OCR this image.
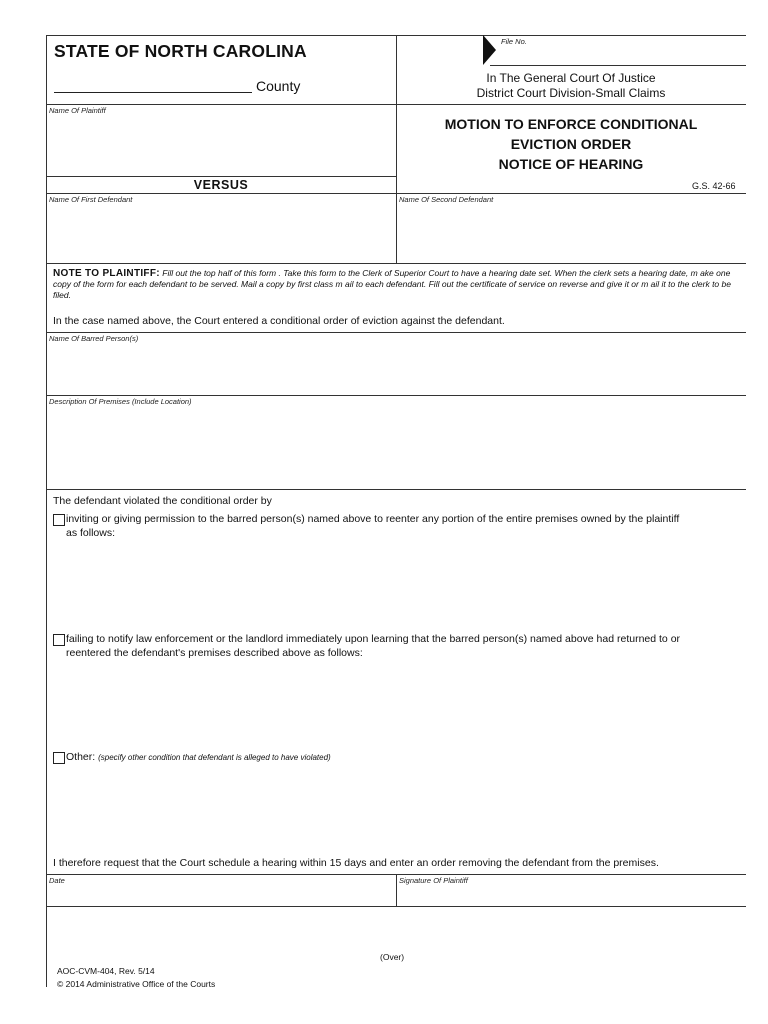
STATE OF NORTH CAROLINA
County
File No.
In The General Court Of Justice
District Court Division-Small Claims
Name Of Plaintiff
MOTION TO ENFORCE CONDITIONAL
EVICTION ORDER
NOTICE OF HEARING
G.S. 42-66
VERSUS
Name Of First Defendant	Name Of Second Defendant
NOTE TO PLAINTIFF: Fill out the top half of this form . Take this form to the Clerk of Superior Court to have a hearing date set. When the clerk sets a hearing date, m ake one copy of the form for each defendant to be served. Mail a copy by first class m ail to each defendant. Fill out the certificate of service on reverse and give it or m ail it to the clerk to be filed.
In the case named above, the Court entered a conditional order of eviction against the defendant.
Name Of Barred Person(s)
Description Of Premises (Include Location)
The defendant violated the conditional order by
inviting or giving permission to the barred person(s) named above to reenter any portion of the entire premises owned by the plaintiff
as follows:
failing to notify law enforcement or the landlord immediately upon learning that the barred person(s) named above had returned to or
reentered the defendant's premises described above as follows:
Other: (specify other condition that defendant is alleged to have violated)
I therefore request that the Court schedule a hearing within 15 days and enter an order removing the defendant from the premises.
Date	Signature Of Plaintiff
(Over)
AOC-CVM-404, Rev. 5/14
© 2014 Administrative Office of the Courts
